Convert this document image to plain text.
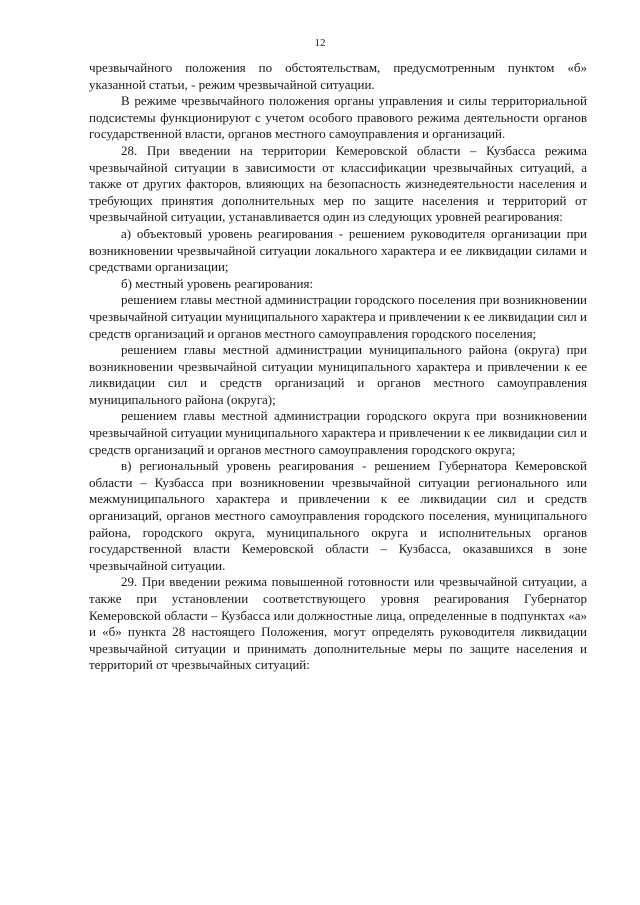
12

чрезвычайного положения по обстоятельствам, предусмотренным пунктом «б» указанной статьи, - режим чрезвычайной ситуации.

В режиме чрезвычайного положения органы управления и силы территориальной подсистемы функционируют с учетом особого правового режима деятельности органов государственной власти, органов местного самоуправления и организаций.

28. При введении на территории Кемеровской области – Кузбасса режима чрезвычайной ситуации в зависимости от классификации чрезвычайных ситуаций, а также от других факторов, влияющих на безопасность жизнедеятельности населения и требующих принятия дополнительных мер по защите населения и территорий от чрезвычайной ситуации, устанавливается один из следующих уровней реагирования:

а) объектовый уровень реагирования - решением руководителя организации при возникновении чрезвычайной ситуации локального характера и ее ликвидации силами и средствами организации;

б) местный уровень реагирования:

решением главы местной администрации городского поселения при возникновении чрезвычайной ситуации муниципального характера и привлечении к ее ликвидации сил и средств организаций и органов местного самоуправления городского поселения;

решением главы местной администрации муниципального района (округа) при возникновении чрезвычайной ситуации муниципального характера и привлечении к ее ликвидации сил и средств организаций и органов местного самоуправления муниципального района (округа);

решением главы местной администрации городского округа при возникновении чрезвычайной ситуации муниципального характера и привлечении к ее ликвидации сил и средств организаций и органов местного самоуправления городского округа;

в) региональный уровень реагирования - решением Губернатора Кемеровской области – Кузбасса при возникновении чрезвычайной ситуации регионального или межмуниципального характера и привлечении к ее ликвидации сил и средств организаций, органов местного самоуправления городского поселения, муниципального района, городского округа, муниципального округа и исполнительных органов государственной власти Кемеровской области – Кузбасса, оказавшихся в зоне чрезвычайной ситуации.

29. При введении режима повышенной готовности или чрезвычайной ситуации, а также при установлении соответствующего уровня реагирования Губернатор Кемеровской области – Кузбасса или должностные лица, определенные в подпунктах «а» и «б» пункта 28 настоящего Положения, могут определять руководителя ликвидации чрезвычайной ситуации и принимать дополнительные меры по защите населения и территорий от чрезвычайных ситуаций:
